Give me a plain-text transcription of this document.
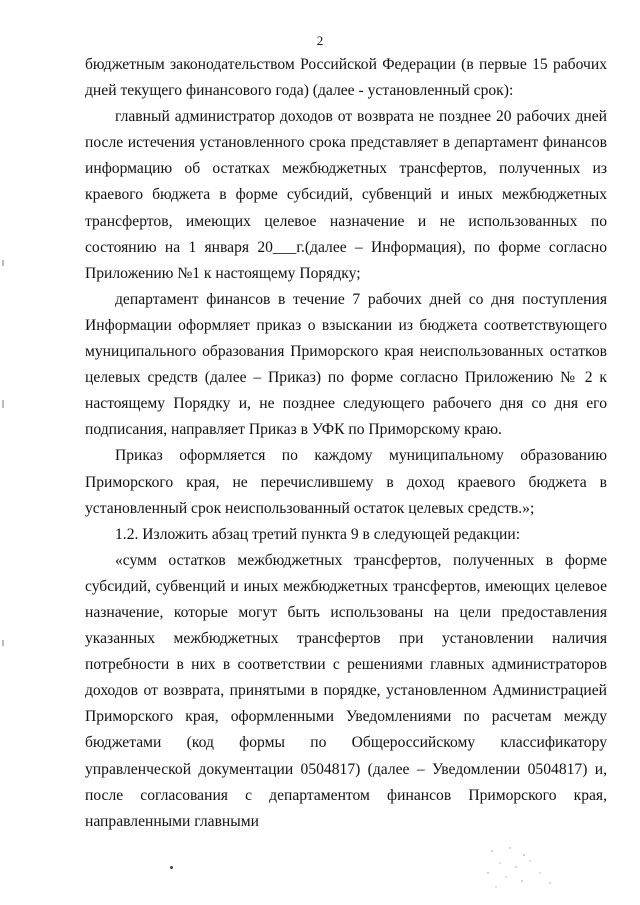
2

бюджетным законодательством Российской Федерации (в первые 15 рабочих дней текущего финансового года) (далее - установленный срок):

главный администратор доходов от возврата не позднее 20 рабочих дней после истечения установленного срока представляет в департамент финансов информацию об остатках межбюджетных трансфертов, полученных из краевого бюджета в форме субсидий, субвенций и иных межбюджетных трансфертов, имеющих целевое назначение и не использованных по состоянию на 1 января 20___г.(далее – Информация), по форме согласно Приложению №1 к настоящему Порядку;

департамент финансов в течение 7 рабочих дней со дня поступления Информации оформляет приказ о взыскании из бюджета соответствующего муниципального образования Приморского края неиспользованных остатков целевых средств (далее – Приказ) по форме согласно Приложению № 2 к настоящему Порядку и, не позднее следующего рабочего дня со дня его подписания, направляет Приказ в УФК по Приморскому краю.

Приказ оформляется по каждому муниципальному образованию Приморского края, не перечислившему в доход краевого бюджета в установленный срок неиспользованный остаток целевых средств.»;

1.2. Изложить абзац третий пункта 9 в следующей редакции:

«сумм остатков межбюджетных трансфертов, полученных в форме субсидий, субвенций и иных межбюджетных трансфертов, имеющих целевое назначение, которые могут быть использованы на цели предоставления указанных межбюджетных трансфертов при установлении наличия потребности в них в соответствии с решениями главных администраторов доходов от возврата, принятыми в порядке, установленном Администрацией Приморского края, оформленными Уведомлениями по расчетам между бюджетами (код формы по Общероссийскому классификатору управленческой документации 0504817) (далее – Уведомлении 0504817) и, после согласования с департаментом финансов Приморского края, направленными главными
